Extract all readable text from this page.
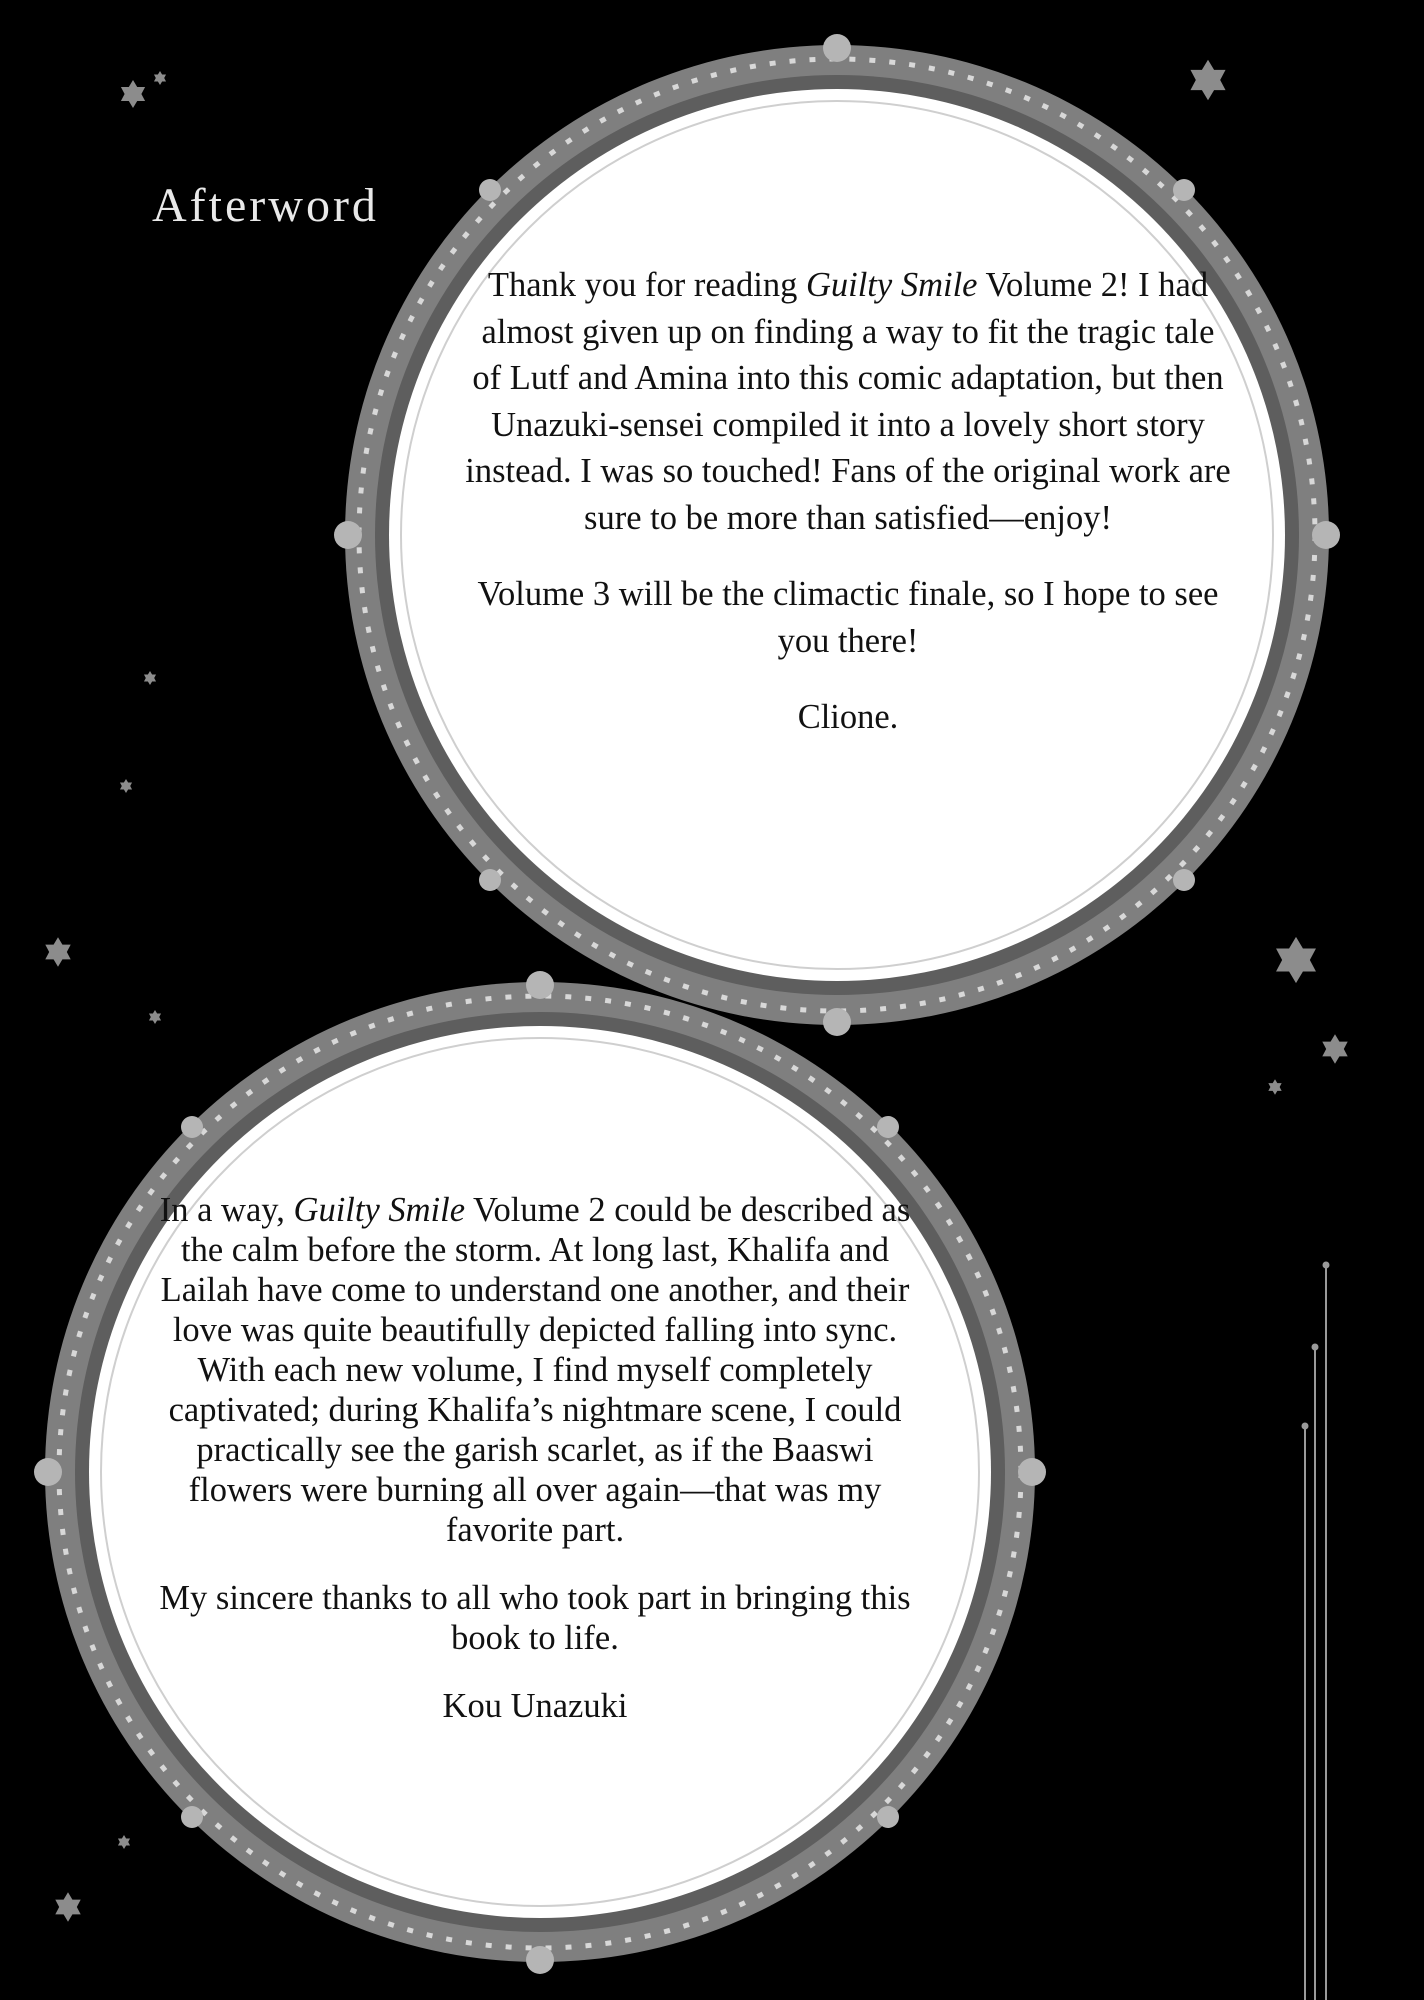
Afterword

Thank you for reading Guilty Smile Volume 2! I had almost given up on finding a way to fit the tragic tale of Lutf and Amina into this comic adaptation, but then Unazuki-sensei compiled it into a lovely short story instead. I was so touched! Fans of the original work are sure to be more than satisfied—enjoy!

Volume 3 will be the climactic finale, so I hope to see you there!

Clione.

In a way, Guilty Smile Volume 2 could be described as the calm before the storm. At long last, Khalifa and Lailah have come to understand one another, and their love was quite beautifully depicted falling into sync. With each new volume, I find myself completely captivated; during Khalifa’s nightmare scene, I could practically see the garish scarlet, as if the Baaswi flowers were burning all over again—that was my favorite part.

My sincere thanks to all who took part in bringing this book to life.

Kou Unazuki
